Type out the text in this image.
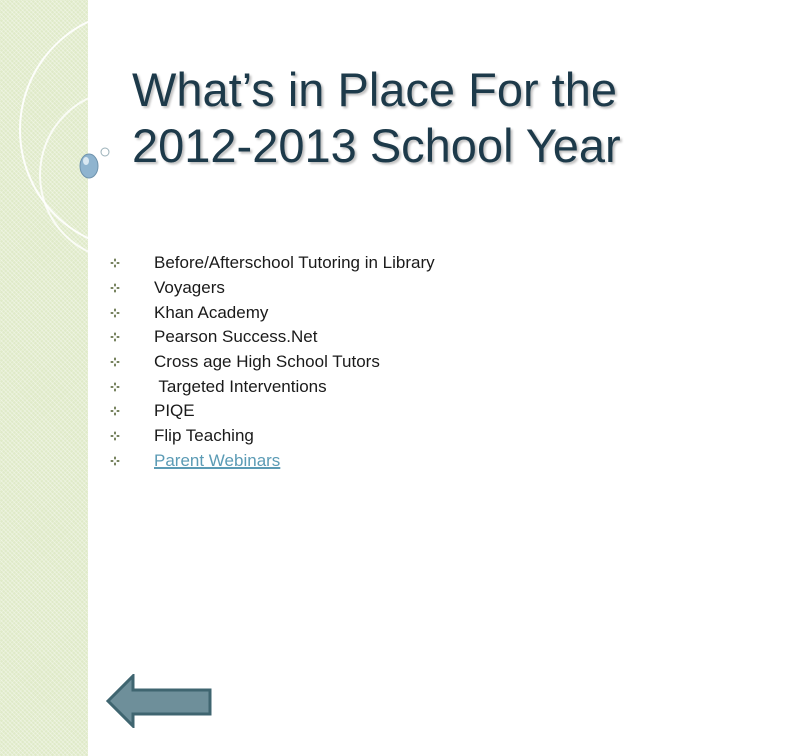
What’s in Place For the
2012-2013 School Year
Before/Afterschool Tutoring in Library
Voyagers
Khan Academy
Pearson Success.Net
Cross age High School Tutors
Targeted Interventions
PIQE
Flip Teaching
Parent Webinars
